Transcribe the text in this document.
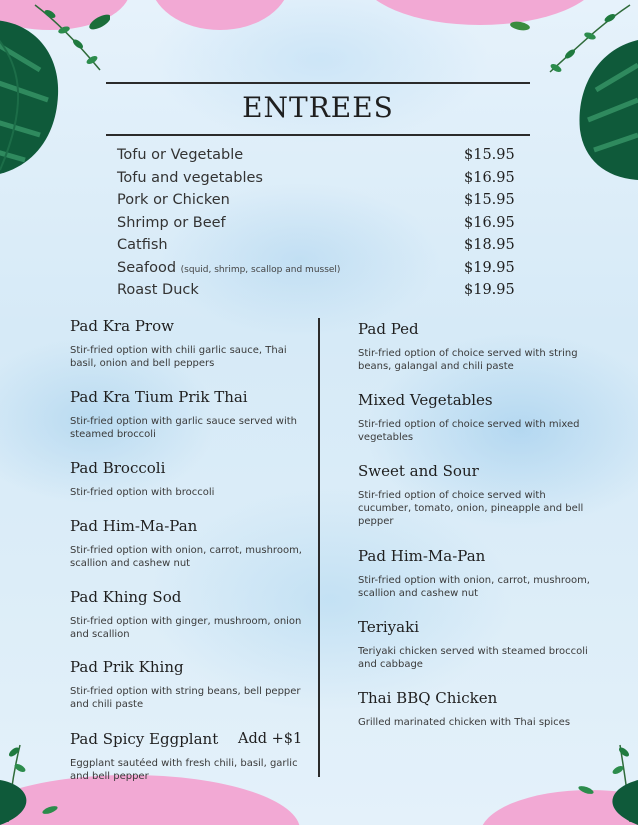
ENTREES
Tofu or Vegetable	$15.95
Tofu and vegetables	$16.95
Pork or Chicken	$15.95
Shrimp or Beef	$16.95
Catfish	$18.95
Seafood (squid, shrimp, scallop and mussel)	$19.95
Roast Duck	$19.95
Pad Kra Prow
Stir-fried option with chili garlic sauce, Thai basil, onion and bell peppers
Pad Kra Tium Prik Thai
Stir-fried option with garlic sauce served with steamed broccoli
Pad Broccoli
Stir-fried option with broccoli
Pad Him-Ma-Pan
Stir-fried option with onion, carrot, mushroom, scallion and cashew nut
Pad Khing Sod
Stir-fried option with ginger, mushroom, onion and scallion
Pad Prik Khing
Stir-fried option with string beans, bell pepper and chili paste
Pad Spicy Eggplant Add +$1
Eggplant sautéed with fresh chili, basil, garlic and bell pepper
Pad Ped
Stir-fried option of choice served with string beans, galangal and chili paste
Mixed Vegetables
Stir-fried option of choice served with mixed vegetables
Sweet and Sour
Stir-fried option of choice served with cucumber, tomato, onion, pineapple and bell pepper
Pad Him-Ma-Pan
Stir-fried option with onion, carrot, mushroom, scallion and cashew nut
Teriyaki
Teriyaki chicken served with steamed broccoli and cabbage
Thai BBQ Chicken
Grilled marinated chicken with Thai spices
